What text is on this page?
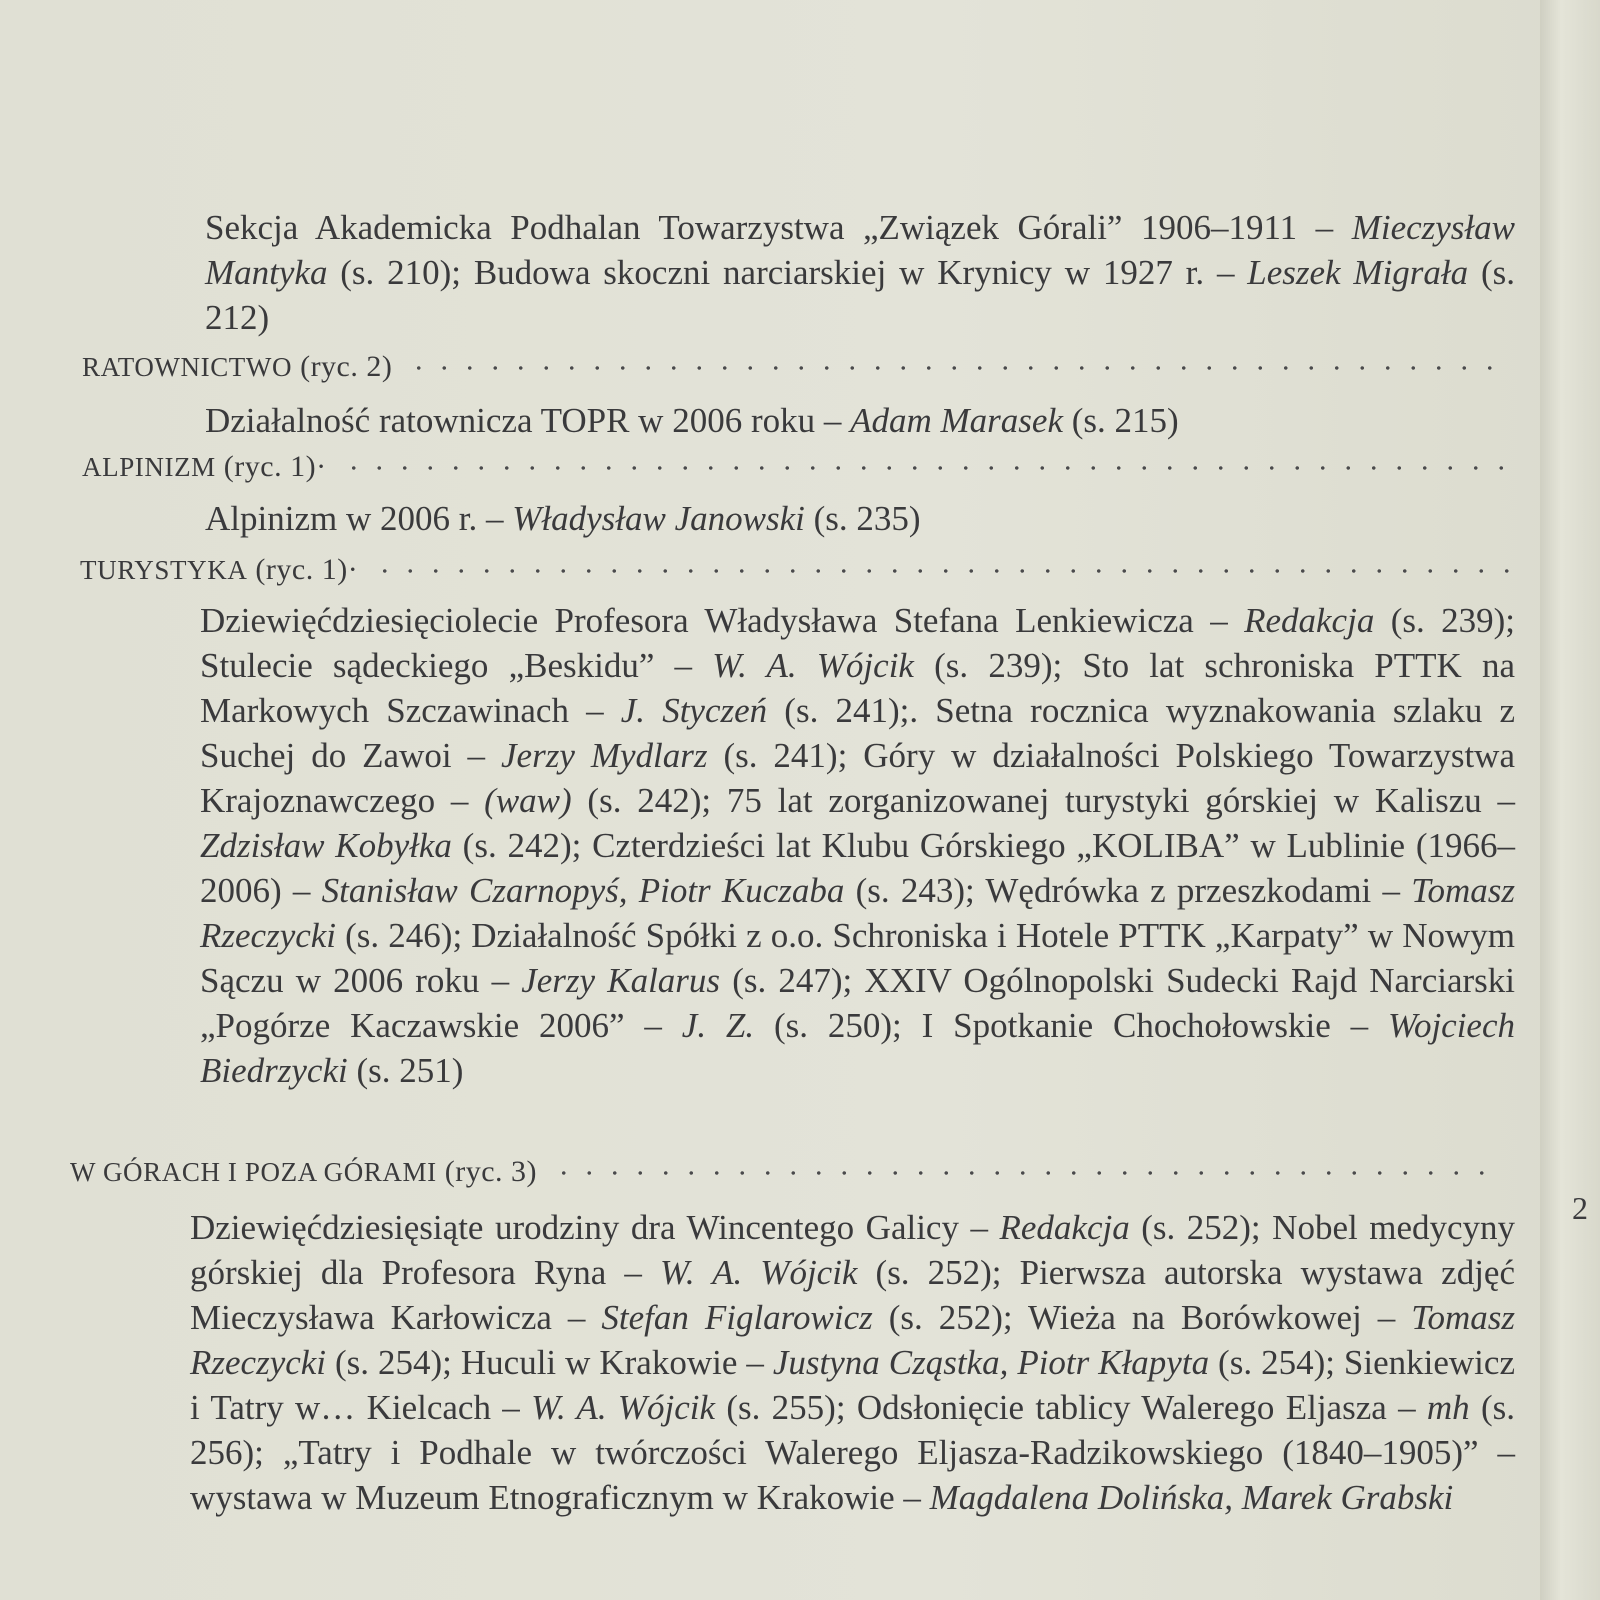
Sekcja Akademicka Podhalan Towarzystwa „Związek Górali” 1906–1911 – Mieczysław Mantyka (s. 210); Budowa skoczni narciarskiej w Krynicy w 1927 r. – Leszek Migrała (s. 212)

RATOWNICTWO (ryc. 2)

Działalność ratownicza TOPR w 2006 roku – Adam Marasek (s. 215)

ALPINIZM (ryc. 1)·

Alpinizm w 2006 r. – Władysław Janowski (s. 235)

TURYSTYKA (ryc. 1)·

Dziewięćdziesięciolecie Profesora Władysława Stefana Lenkiewicza – Redakcja (s. 239); Stulecie sądeckiego „Beskidu” – W. A. Wójcik (s. 239); Sto lat schroniska PTTK na Markowych Szczawinach – J. Styczeń (s. 241);. Setna rocznica wyznakowania szlaku z Suchej do Zawoi – Jerzy Mydlarz (s. 241); Góry w działalności Polskiego Towarzystwa Krajoznawczego – (waw) (s. 242); 75 lat zorganizowanej turystyki górskiej w Kaliszu – Zdzisław Kobyłka (s. 242); Czterdzieści lat Klubu Górskiego „KOLIBA” w Lublinie (1966–2006) – Stanisław Czarnopyś, Piotr Kuczaba (s. 243); Wędrówka z przeszkodami – Tomasz Rzeczycki (s. 246); Działalność Spółki z o.o. Schroniska i Hotele PTTK „Karpaty” w Nowym Sączu w 2006 roku – Jerzy Kalarus (s. 247); XXIV Ogólnopolski Sudecki Rajd Narciarski „Pogórze Kaczawskie 2006” – J. Z. (s. 250); I Spotkanie Chochołowskie – Wojciech Biedrzycki (s. 251)

W GÓRACH I POZA GÓRAMI (ryc. 3)

Dziewięćdziesięsiąte urodziny dra Wincentego Galicy – Redakcja (s. 252); Nobel medycyny górskiej dla Profesora Ryna – W. A. Wójcik (s. 252); Pierwsza autorska wystawa zdjęć Mieczysława Karłowicza – Stefan Figlarowicz (s. 252); Wieża na Borówkowej – Tomasz Rzeczycki (s. 254); Huculi w Krakowie – Justyna Cząstka, Piotr Kłapyta (s. 254); Sienkiewicz i Tatry w… Kielcach – W. A. Wójcik (s. 255); Odsłonięcie tablicy Walerego Eljasza – mh (s. 256); „Tatry i Podhale w twórczości Walerego Eljasza-Radzikowskiego (1840–1905)” – wystawa w Muzeum Etnograficznym w Krakowie – Magdalena Dolińska, Marek Grabski

2
